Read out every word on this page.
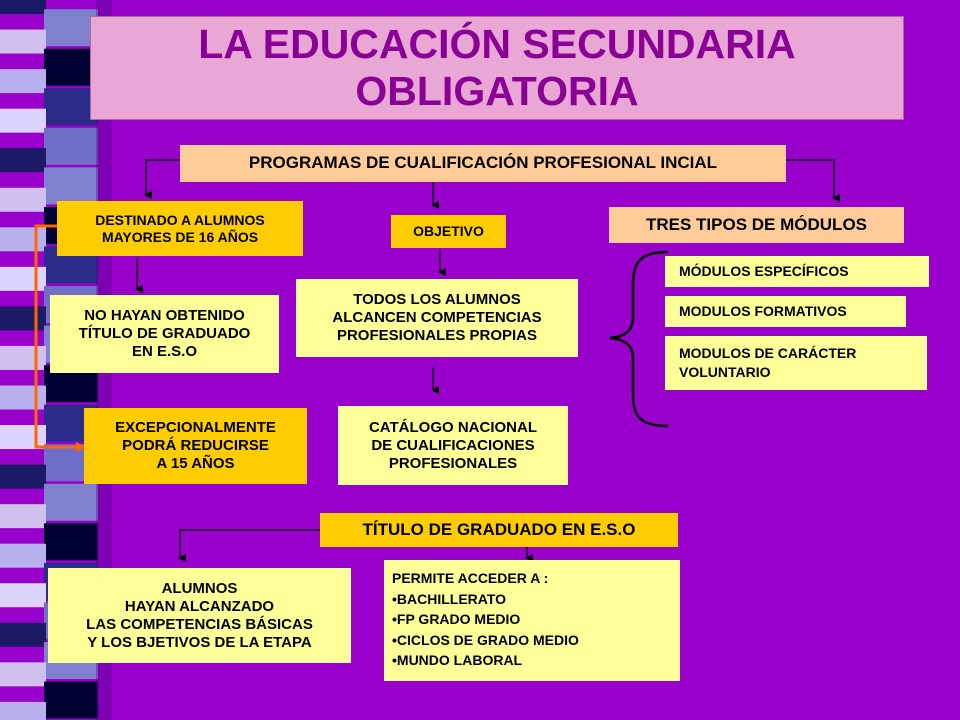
LA EDUCACIÓN SECUNDARIA
OBLIGATORIA
PROGRAMAS DE CUALIFICACIÓN PROFESIONAL INCIAL
DESTINADO A ALUMNOS
MAYORES DE 16 AÑOS
NO HAYAN OBTENIDO
TÍTULO DE GRADUADO
EN E.S.O
EXCEPCIONALMENTE
PODRÁ REDUCIRSE
A 15 AÑOS
OBJETIVO
TODOS LOS ALUMNOS
ALCANCEN COMPETENCIAS
PROFESIONALES PROPIAS
CATÁLOGO NACIONAL
DE CUALIFICACIONES
PROFESIONALES
TRES TIPOS DE MÓDULOS
MÓDULOS ESPECÍFICOS
MODULOS FORMATIVOS
MODULOS DE CARÁCTER VOLUNTARIO
TÍTULO DE GRADUADO EN E.S.O
ALUMNOS
HAYAN ALCANZADO
LAS COMPETENCIAS BÁSICAS
Y LOS BJETIVOS DE LA ETAPA
PERMITE ACCEDER A :
•BACHILLERATO
•FP GRADO MEDIO
•CICLOS DE GRADO MEDIO
•MUNDO LABORAL
